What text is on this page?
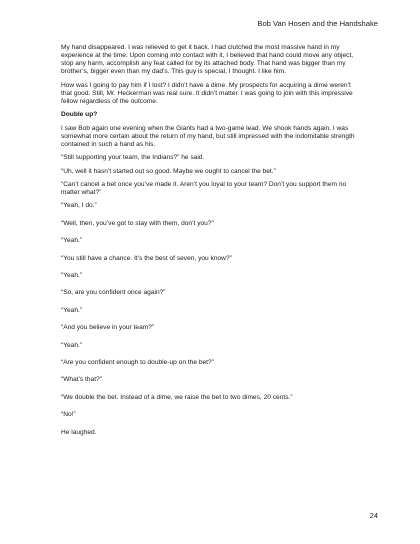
Bob Van Hosen and the Handshake

My hand disappeared. I was relieved to get it back. I had clutched the most massive hand in my experience at the time. Upon coming into contact with it, I believed that hand could move any object, stop any harm, accomplish any feat called for by its attached body. That hand was bigger than my brother’s, bigger even than my dad’s. This guy is special, I thought. I like him.

How was I going to pay him if I lost? I didn’t have a dime. My prospects for acquiring a dime weren’t that good. Still, Mr. Heckerman was real sure. It didn’t matter. I was going to join with this impressive fellow regardless of the outcome.

Double up?

I saw Bob again one evening when the Giants had a two-game lead. We shook hands again. I was somewhat more certain about the return of my hand, but still impressed with the indomitable strength contained in such a hand as his.

“Still supporting your team, the Indians?” he said.

“Uh, well it hasn’t started out so good. Maybe we ought to cancel the bet.”

“Can’t cancel a bet once you’ve made it. Aren’t you loyal to your team? Don’t you support them no matter what?”

“Yeah, I do.”

“Well, then, you’ve got to stay with them, don’t you?”

“Yeah.”

“You still have a chance. It’s the best of seven, you know?”

“Yeah.”

“So, are you confident once again?”

“Yeah.”

“And you believe in your team?”

“Yeah.”

“Are you confident enough to double-up on the bet?”

“What’s that?”

“We double the bet. Instead of a dime, we raise the bet to two dimes, 20 cents.”

“No!”

He laughed.

24
